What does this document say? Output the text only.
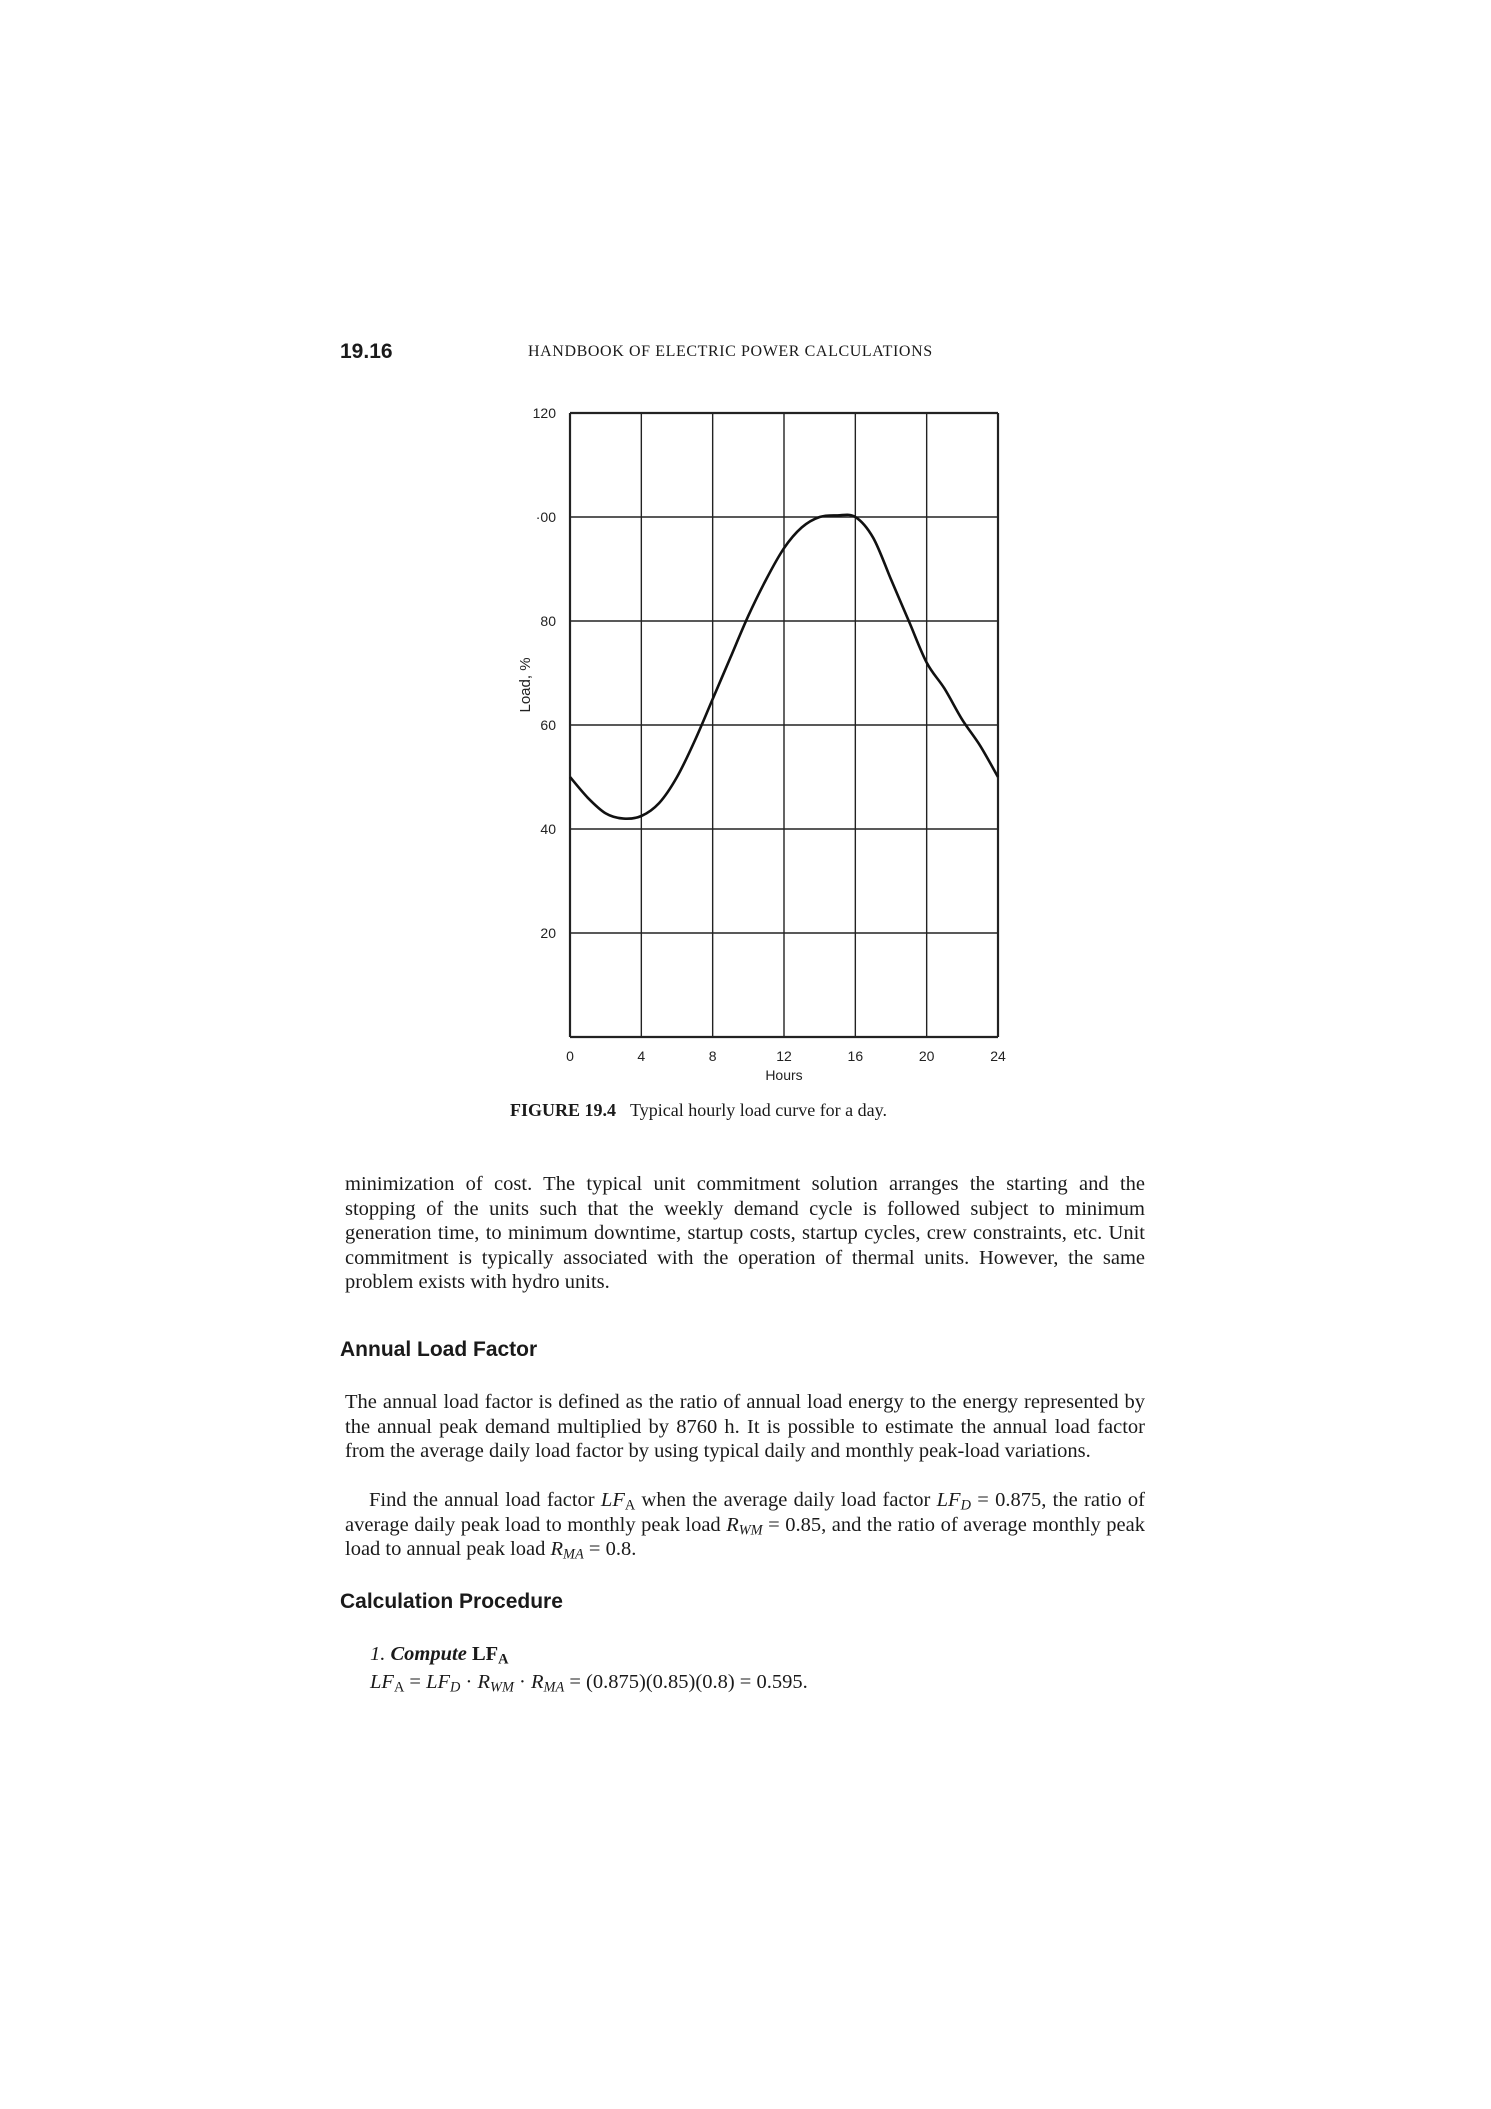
19.16	HANDBOOK OF ELECTRIC POWER CALCULATIONS
0	4	8	12	16	20	24
20
40
60
80
·00
120
Load, %
Hours
FIGURE 19.4 Typical hourly load curve for a day.
minimization of cost. The typical unit commitment solution arranges the starting and the stopping of the units such that the weekly demand cycle is followed subject to minimum generation time, to minimum downtime, startup costs, startup cycles, crew constraints, etc. Unit commitment is typically associated with the operation of thermal units. However, the same problem exists with hydro units.
Annual Load Factor
The annual load factor is defined as the ratio of annual load energy to the energy represented by the annual peak demand multiplied by 8760 h. It is possible to estimate the annual load factor from the average daily load factor by using typical daily and monthly peak-load variations.
Find the annual load factor $LF_A$ when the average daily load factor $LF_D = 0.875$, the ratio of average daily peak load to monthly peak load $R_{WM} = 0.85$, and the ratio of average monthly peak load to annual peak load $R_{MA} = 0.8$.
Calculation Procedure
1. Compute $LF_A$
$LF_A = LF_D \cdot R_{WM} \cdot R_{MA} = (0.875)(0.85)(0.8) = 0.595$.
